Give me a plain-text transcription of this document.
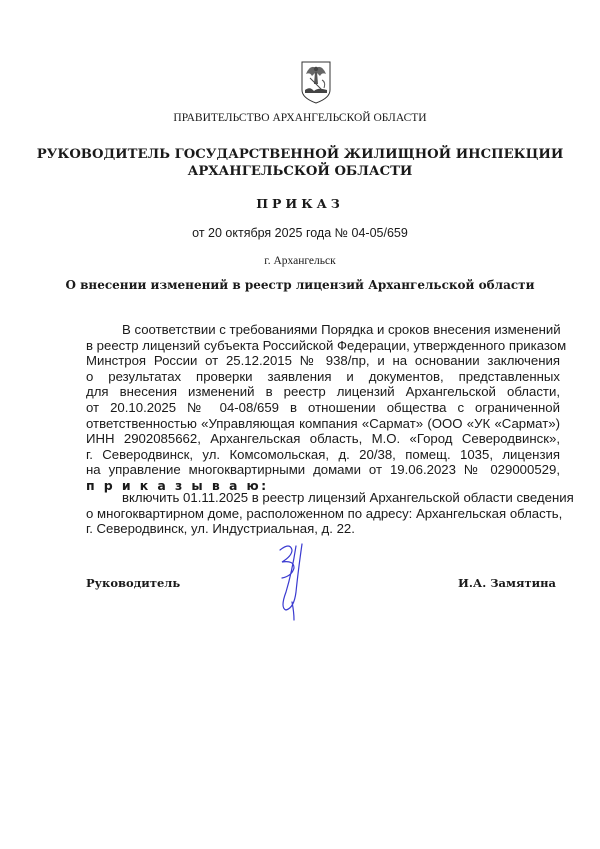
ПРАВИТЕЛЬСТВО АРХАНГЕЛЬСКОЙ ОБЛАСТИ
РУКОВОДИТЕЛЬ ГОСУДАРСТВЕННОЙ ЖИЛИЩНОЙ ИНСПЕКЦИИ
АРХАНГЕЛЬСКОЙ ОБЛАСТИ
ПРИКАЗ
от 20 октября 2025 года № 04-05/659
г. Архангельск
О внесении изменений в реестр лицензий Архангельской области
В соответствии с требованиями Порядка и сроков внесения изменений
в реестр лицензий субъекта Российской Федерации, утвержденного приказом
Минстроя России от 25.12.2015 № 938/пр, и на основании заключения
о результатах проверки заявления и документов, представленных
для внесения изменений в реестр лицензий Архангельской области,
от 20.10.2025 № 04-08/659 в отношении общества с ограниченной
ответственностью «Управляющая компания «Сармат» (ООО «УК «Сармат»)
ИНН 2902085662, Архангельская область, М.О. «Город Северодвинск»,
г. Северодвинск, ул. Комсомольская, д. 20/38, помещ. 1035, лицензия
на управление многоквартирными домами от 19.06.2023 № 029000529,
п р и к а з ы в а ю:
включить 01.11.2025 в реестр лицензий Архангельской области сведения
о многоквартирном доме, расположенном по адресу: Архангельская область,
г. Северодвинск, ул. Индустриальная, д. 22.
Руководитель	И.А. Замятина
